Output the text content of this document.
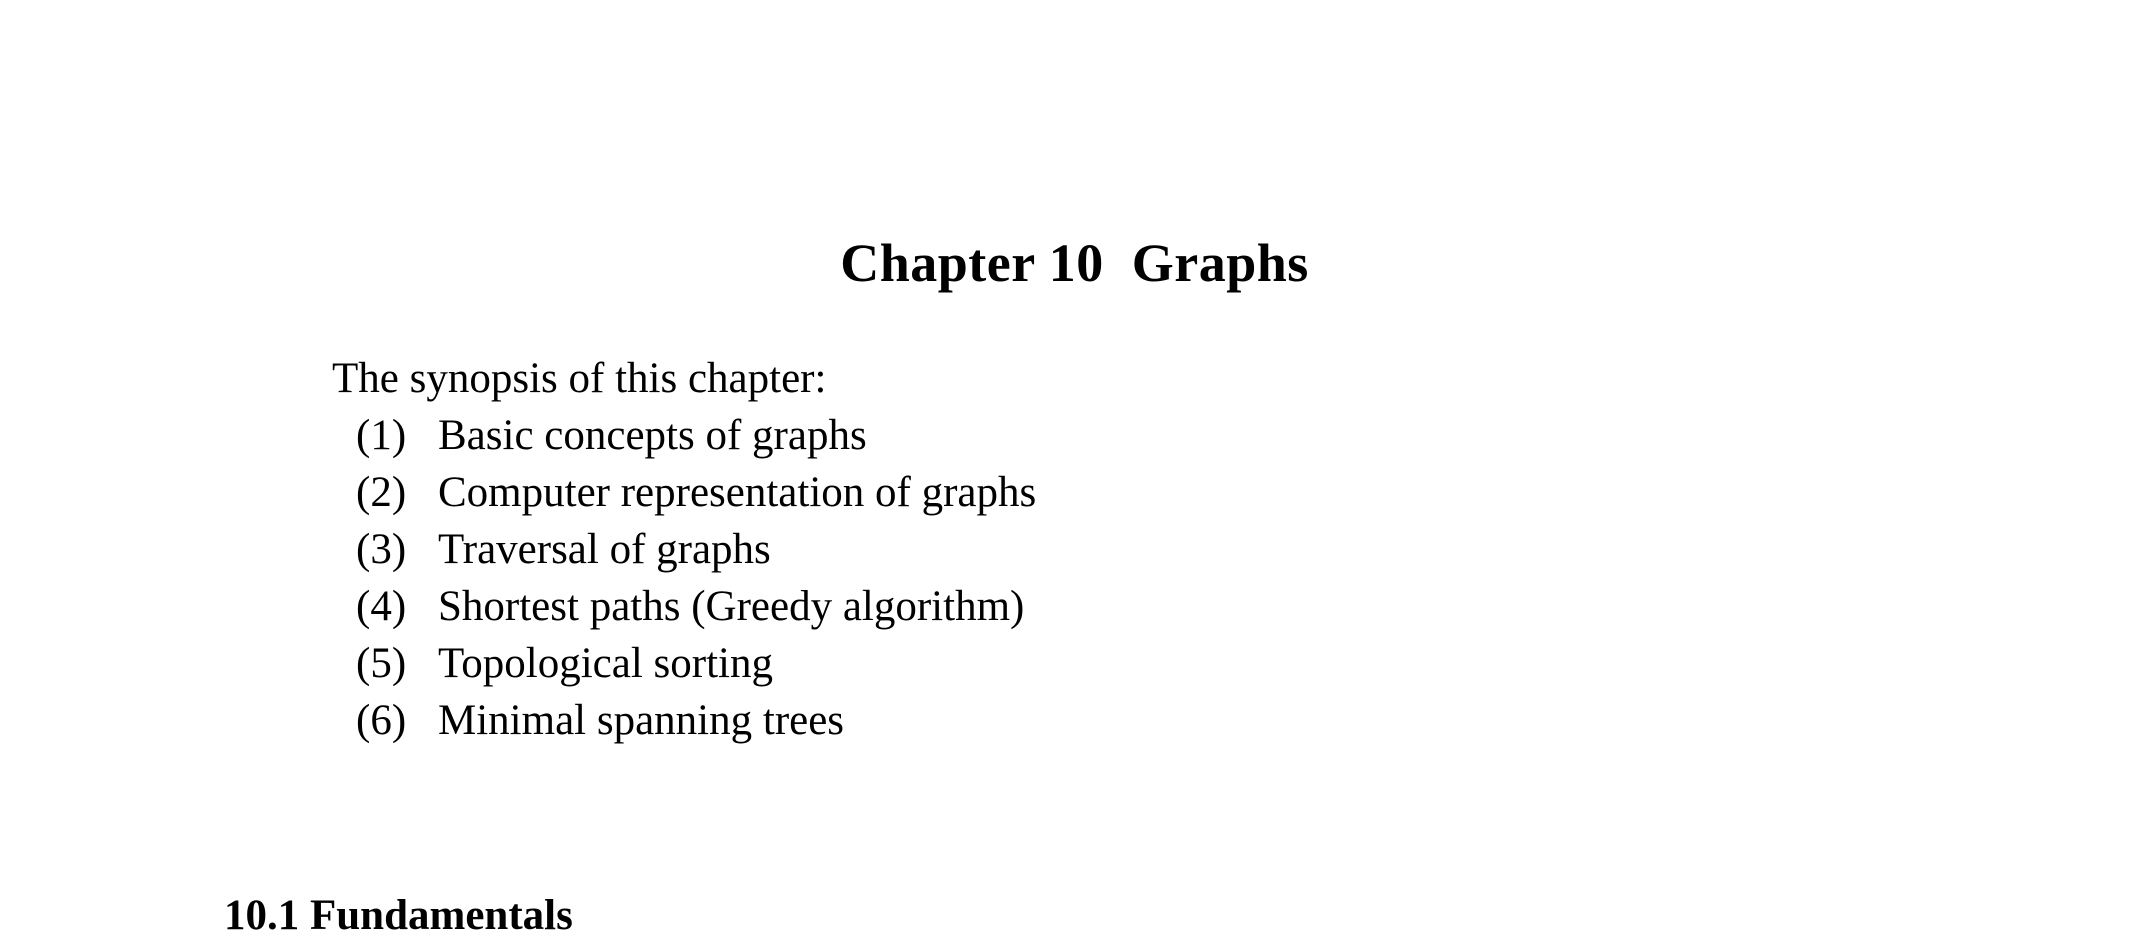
Chapter 10  Graphs

The synopsis of this chapter:

(1) Basic concepts of graphs
(2) Computer representation of graphs
(3) Traversal of graphs
(4) Shortest paths (Greedy algorithm)
(5) Topological sorting
(6) Minimal spanning trees
10.1 Fundamentals
